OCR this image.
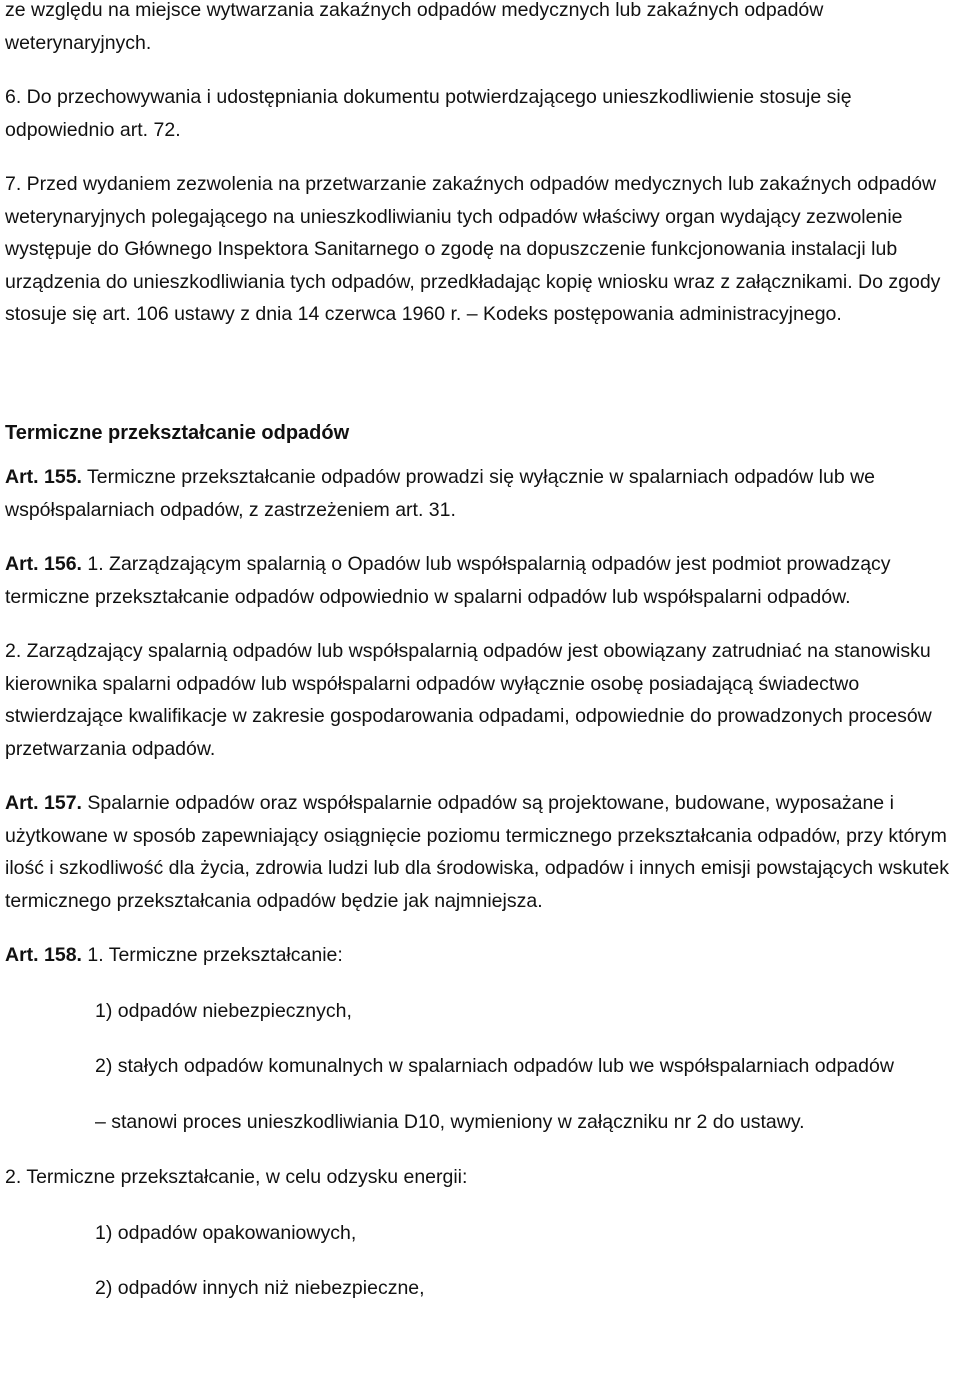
ze względu na miejsce wytwarzania zakaźnych odpadów medycznych lub zakaźnych odpadów weterynaryjnych.

6. Do przechowywania i udostępniania dokumentu potwierdzającego unieszkodliwienie stosuje się odpowiednio art. 72.

7. Przed wydaniem zezwolenia na przetwarzanie zakaźnych odpadów medycznych lub zakaźnych odpadów weterynaryjnych polegającego na unieszkodliwianiu tych odpadów właściwy organ wydający zezwolenie występuje do Głównego Inspektora Sanitarnego o zgodę na dopuszczenie funkcjonowania instalacji lub urządzenia do unieszkodliwiania tych odpadów, przedkładając kopię wniosku wraz z załącznikami. Do zgody stosuje się art. 106 ustawy z dnia 14 czerwca 1960 r. – Kodeks postępowania administracyjnego.

Termiczne przekształcanie odpadów

Art. 155. Termiczne przekształcanie odpadów prowadzi się wyłącznie w spalarniach odpadów lub we współspalarniach odpadów, z zastrzeżeniem art. 31.

Art. 156. 1. Zarządzającym spalarnią o Opadów lub współspalarnią odpadów jest podmiot prowadzący termiczne przekształcanie odpadów odpowiednio w spalarni odpadów lub współspalarni odpadów.

2. Zarządzający spalarnią odpadów lub współspalarnią odpadów jest obowiązany zatrudniać na stanowisku kierownika spalarni odpadów lub współspalarni odpadów wyłącznie osobę posiadającą świadectwo stwierdzające kwalifikacje w zakresie gospodarowania odpadami, odpowiednie do prowadzonych procesów przetwarzania odpadów.

Art. 157. Spalarnie odpadów oraz współspalarnie odpadów są projektowane, budowane, wyposażane i użytkowane w sposób zapewniający osiągnięcie poziomu termicznego przekształcania odpadów, przy którym ilość i szkodliwość dla życia, zdrowia ludzi lub dla środowiska, odpadów i innych emisji powstających wskutek termicznego przekształcania odpadów będzie jak najmniejsza.

Art. 158. 1. Termiczne przekształcanie:

1) odpadów niebezpiecznych,

2) stałych odpadów komunalnych w spalarniach odpadów lub we współspalarniach odpadów

– stanowi proces unieszkodliwiania D10, wymieniony w załączniku nr 2 do ustawy.

2. Termiczne przekształcanie, w celu odzysku energii:

1) odpadów opakowaniowych,

2) odpadów innych niż niebezpieczne,
